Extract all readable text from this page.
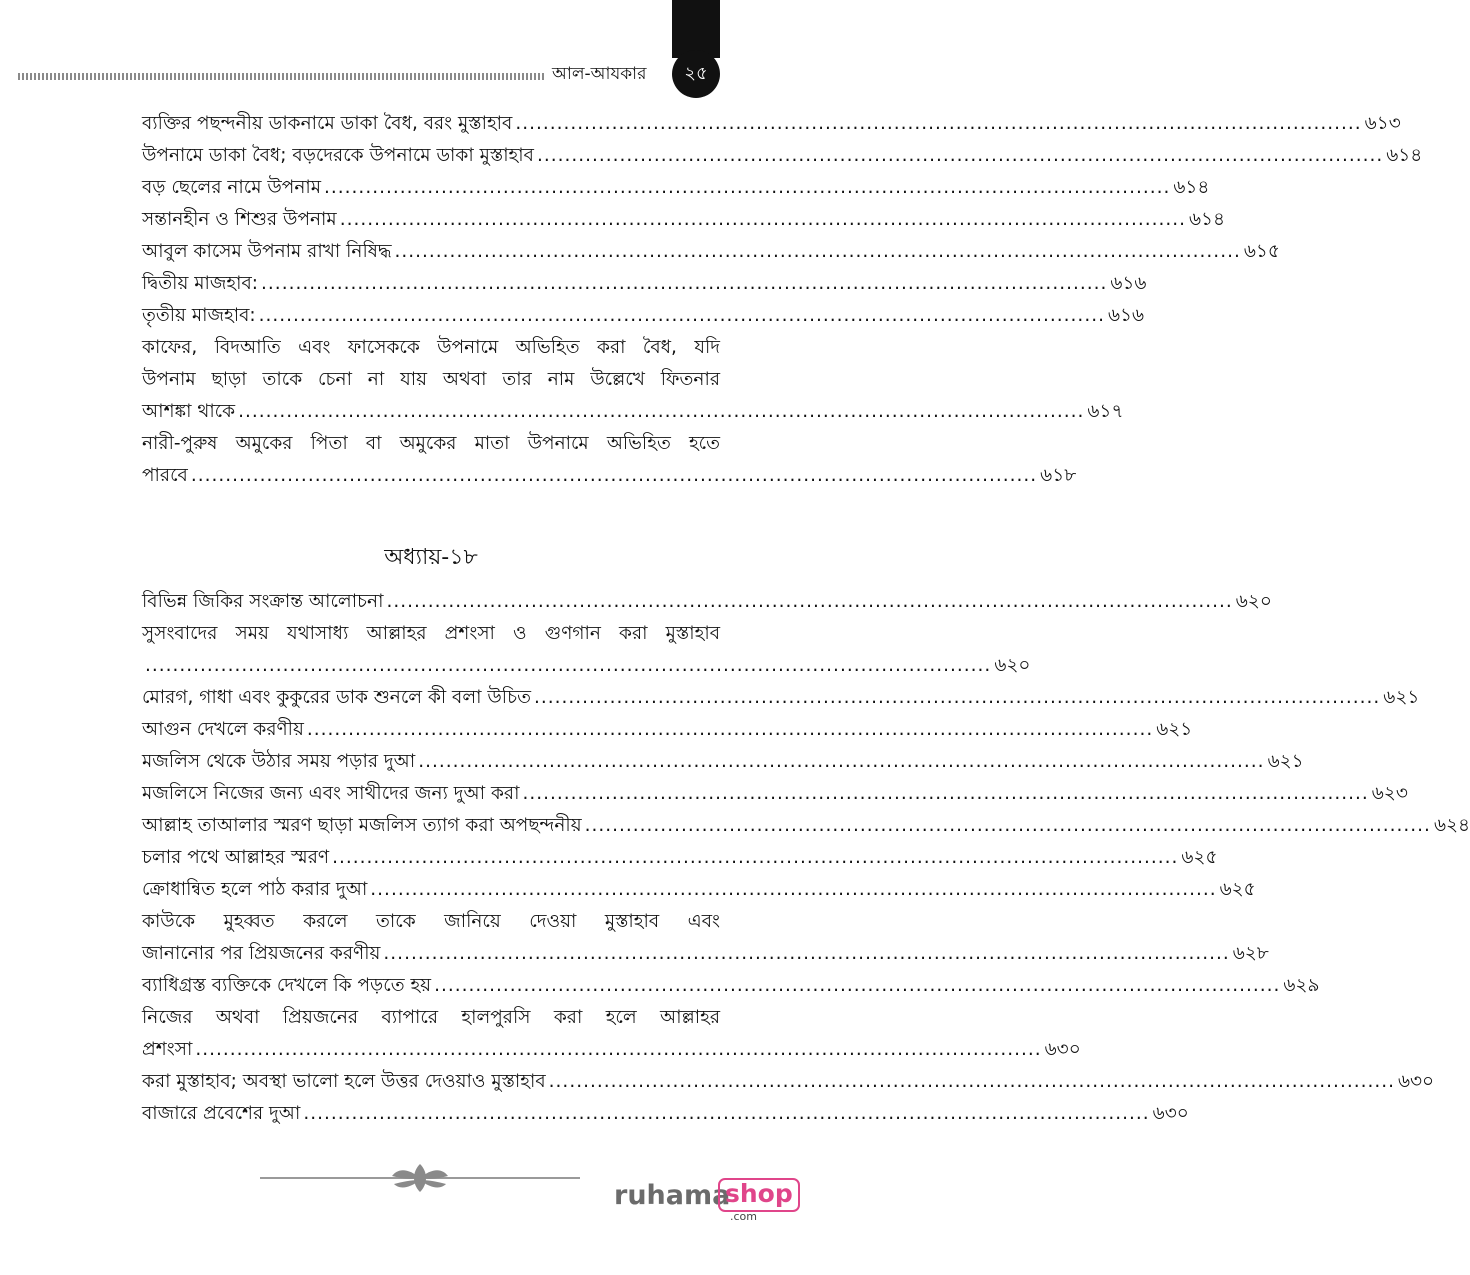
আল-আযকার	২৫
ব্যক্তির পছন্দনীয় ডাকনামে ডাকা বৈধ, বরং মুস্তাহাব ........................................................................................................................... ৬১৩
উপনামে ডাকা বৈধ; বড়দেরকে উপনামে ডাকা মুস্তাহাব ........................................................................................................................... ৬১৪
বড় ছেলের নামে উপনাম ........................................................................................................................... ৬১৪
সন্তানহীন ও শিশুর উপনাম ........................................................................................................................... ৬১৪
আবুল কাসেম উপনাম রাখা নিষিদ্ধ ........................................................................................................................... ৬১৫
দ্বিতীয় মাজহাব: ........................................................................................................................... ৬১৬
তৃতীয় মাজহাব: ........................................................................................................................... ৬১৬
কাফের, বিদআতি এবং ফাসেককে উপনামে অভিহিত করা বৈধ, যদি
উপনাম ছাড়া তাকে চেনা না যায় অথবা তার নাম উল্লেখে ফিতনার
আশঙ্কা থাকে ........................................................................................................................... ৬১৭
নারী-পুরুষ অমুকের পিতা বা অমুকের মাতা উপনামে অভিহিত হতে
পারবে ........................................................................................................................... ৬১৮
অধ্যায়-১৮
বিভিন্ন জিকির সংক্রান্ত আলোচনা ........................................................................................................................... ৬২০
সুসংবাদের সময় যথাসাধ্য আল্লাহর প্রশংসা ও গুণগান করা মুস্তাহাব
........................................................................................................................... ৬২০
মোরগ, গাধা এবং কুকুরের ডাক শুনলে কী বলা উচিত ........................................................................................................................... ৬২১
আগুন দেখলে করণীয় ........................................................................................................................... ৬২১
মজলিস থেকে উঠার সময় পড়ার দুআ ........................................................................................................................... ৬২১
মজলিসে নিজের জন্য এবং সাথীদের জন্য দুআ করা ........................................................................................................................... ৬২৩
আল্লাহ তাআলার স্মরণ ছাড়া মজলিস ত্যাগ করা অপছন্দনীয় ........................................................................................................................... ৬২৪
চলার পথে আল্লাহর স্মরণ ........................................................................................................................... ৬২৫
ক্রোধান্বিত হলে পাঠ করার দুআ ........................................................................................................................... ৬২৫
কাউকে মুহব্বত করলে তাকে জানিয়ে দেওয়া মুস্তাহাব এবং
জানানোর পর প্রিয়জনের করণীয় ........................................................................................................................... ৬২৮
ব্যাধিগ্রস্ত ব্যক্তিকে দেখলে কি পড়তে হয় ........................................................................................................................... ৬২৯
নিজের অথবা প্রিয়জনের ব্যাপারে হালপুরসি করা হলে আল্লাহর
প্রশংসা ........................................................................................................................... ৬৩০
করা মুস্তাহাব; অবস্থা ভালো হলে উত্তর দেওয়াও মুস্তাহাব ........................................................................................................................... ৬৩০
বাজারে প্রবেশের দুআ ........................................................................................................................... ৬৩০
ruhama
shop
.com
